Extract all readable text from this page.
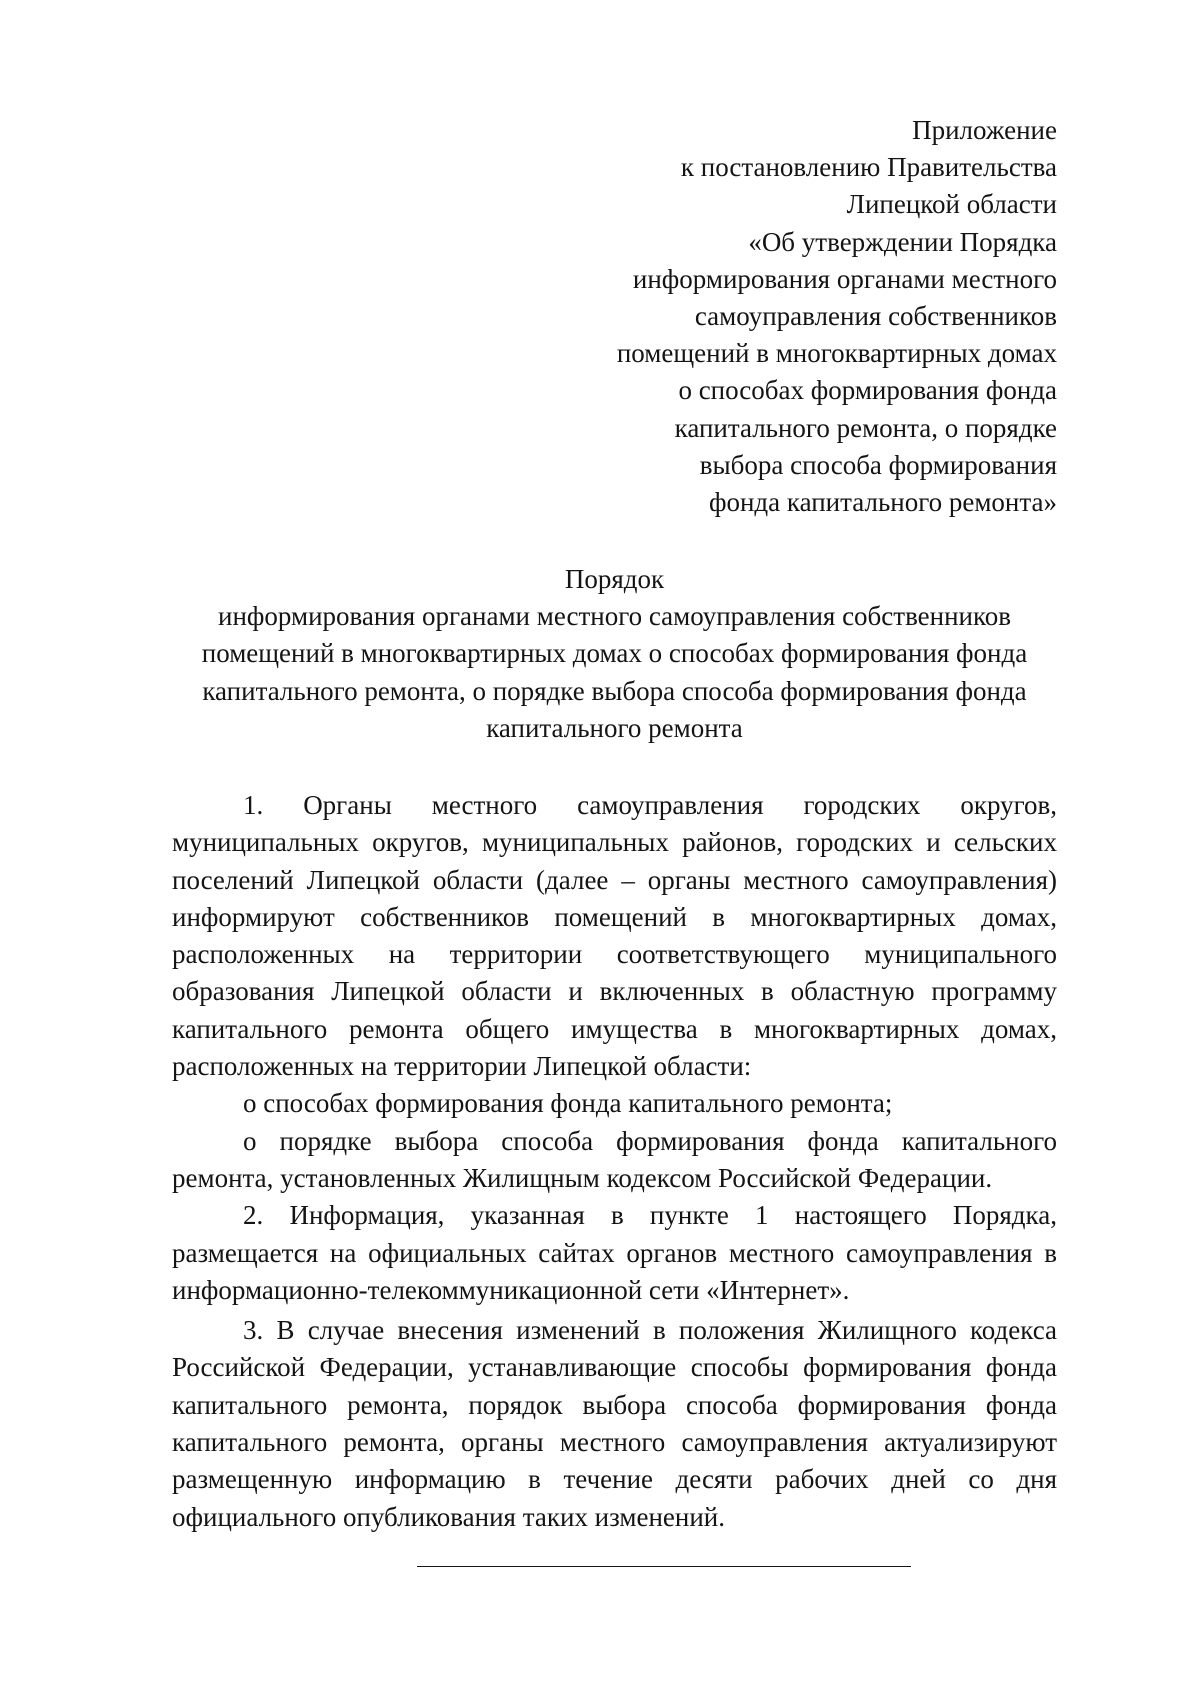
Приложение
к постановлению Правительства
Липецкой области
«Об утверждении Порядка
информирования органами местного
самоуправления собственников
помещений в многоквартирных домах
о способах формирования фонда
капитального ремонта, о порядке
выбора способа формирования
фонда капитального ремонта»
Порядок
информирования органами местного самоуправления собственников
помещений в многоквартирных домах о способах формирования фонда
капитального ремонта, о порядке выбора способа формирования фонда
капитального ремонта

1. Органы местного самоуправления городских округов, муниципальных округов, муниципальных районов, городских и сельских поселений Липецкой области (далее – органы местного самоуправления) информируют собственников помещений в многоквартирных домах, расположенных на территории соответствующего муниципального образования Липецкой области и включенных в областную программу капитального ремонта общего имущества в многоквартирных домах, расположенных на территории Липецкой области:

о способах формирования фонда капитального ремонта;

о порядке выбора способа формирования фонда капитального ремонта, установленных Жилищным кодексом Российской Федерации.

2. Информация, указанная в пункте 1 настоящего Порядка, размещается на официальных сайтах органов местного самоуправления в информационно-телекоммуникационной сети «Интернет».

3. В случае внесения изменений в положения Жилищного кодекса Российской Федерации, устанавливающие способы формирования фонда капитального ремонта, порядок выбора способа формирования фонда капитального ремонта, органы местного самоуправления актуализируют размещенную информацию в течение десяти рабочих дней со дня официального опубликования таких изменений.
